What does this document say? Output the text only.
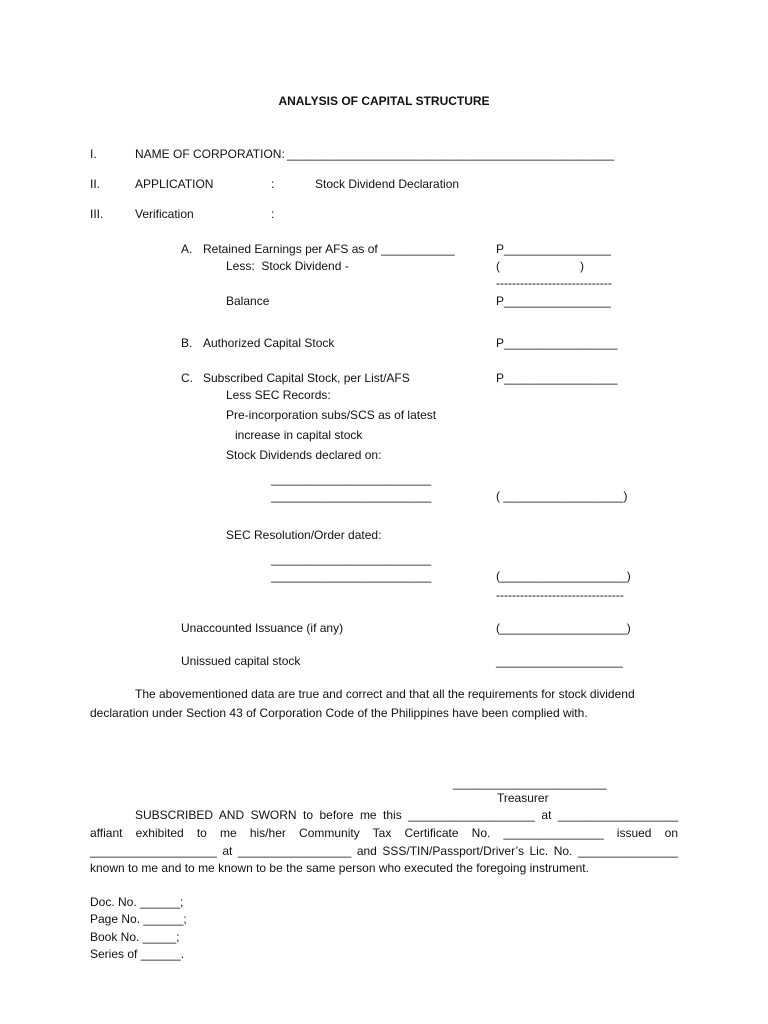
ANALYSIS OF CAPITAL STRUCTURE
I.	NAME OF CORPORATION: _________________________________________________
II.	APPLICATION	:	Stock Dividend Declaration
III.	Verification	:
A. Retained Earnings per AFS as of ___________	P________________
Less:  Stock Dividend -	(                        )
-----------------------------
Balance	P________________
B. Authorized Capital Stock	P_________________
C. Subscribed Capital Stock, per List/AFS	P_________________
Less SEC Records:
Pre-incorporation subs/SCS as of latest
increase in capital stock
Stock Dividends declared on:
________________________
________________________	( __________________)
SEC Resolution/Order dated:
________________________
________________________	(___________________)
--------------------------------
Unaccounted Issuance (if any)	(___________________)
Unissued capital stock	___________________
The abovementioned data are true and correct and that all the requirements for stock dividend
declaration under Section 43 of Corporation Code of the Philippines have been complied with.
_______________________
Treasurer
SUBSCRIBED AND SWORN to before me this ___________________ at __________________
affiant exhibited to me his/her Community Tax Certificate No. _______________ issued on
___________________ at _________________ and SSS/TIN/Passport/Driver’s Lic. No. _______________
known to me and to me known to be the same person who executed the foregoing instrument.
Doc. No. ______;
Page No. ______;
Book No. _____;
Series of ______.
